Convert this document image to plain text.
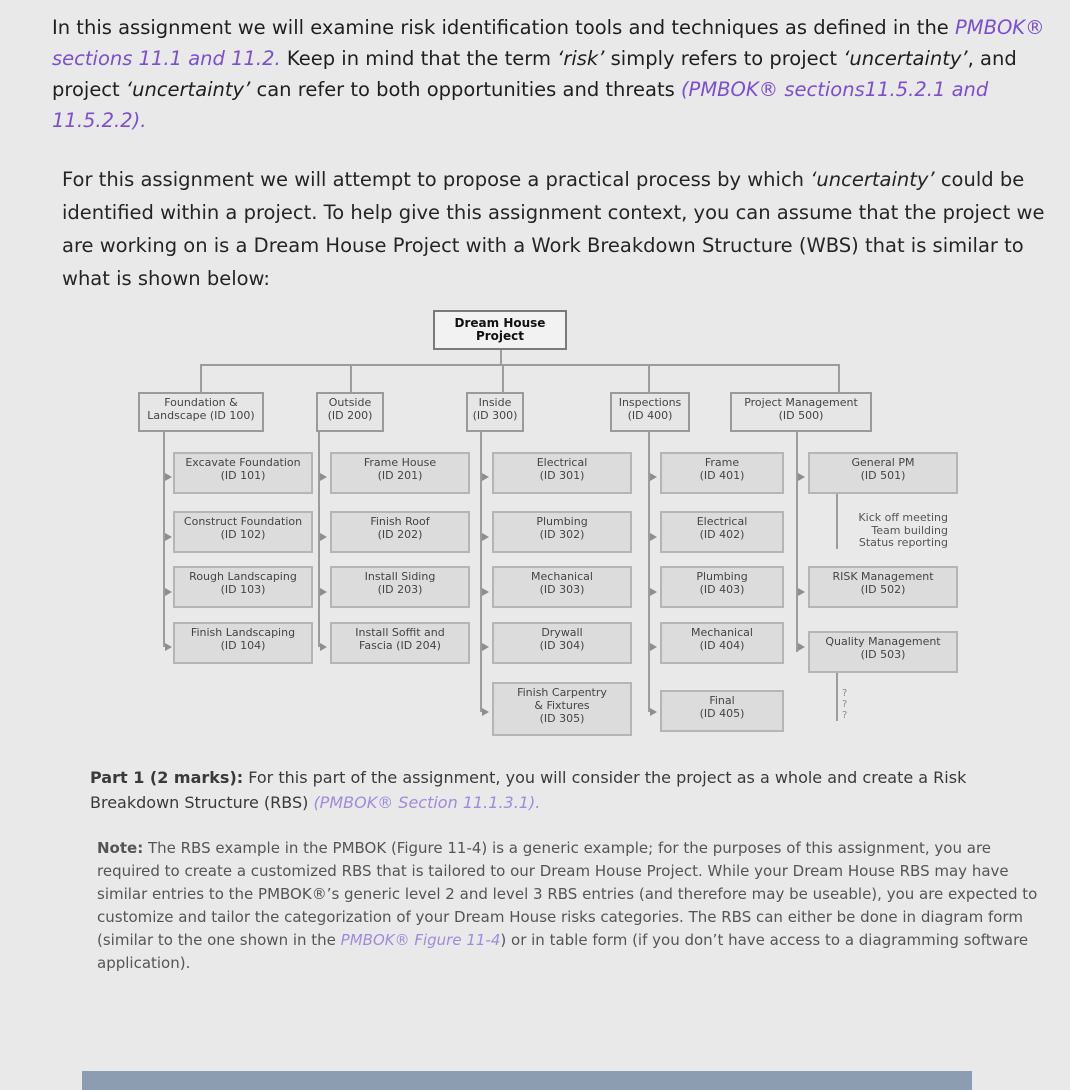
In this assignment we will examine risk identification tools and techniques as defined in the PMBOK® sections 11.1 and 11.2. Keep in mind that the term ‘risk’ simply refers to project ‘uncertainty’, and project ‘uncertainty’ can refer to both opportunities and threats (PMBOK® sections11.5.2.1 and 11.5.2.2).

For this assignment we will attempt to propose a practical process by which ‘uncertainty’ could be identified within a project. To help give this assignment context, you can assume that the project we are working on is a Dream House Project with a Work Breakdown Structure (WBS) that is similar to what is shown below:

Dream House Project
Foundation &
Landscape (ID 100)
Outside
(ID 200)
Inside
(ID 300)
Inspections
(ID 400)
Project Management
(ID 500)
Excavate Foundation
(ID 101)
Construct Foundation
(ID 102)
Rough Landscaping
(ID 103)
Finish Landscaping
(ID 104)
Frame House
(ID 201)
Finish Roof
(ID 202)
Install Siding
(ID 203)
Install Soffit and
Fascia (ID 204)
Electrical
(ID 301)
Plumbing
(ID 302)
Mechanical
(ID 303)
Drywall
(ID 304)
Finish Carpentry
& Fixtures
(ID 305)
Frame
(ID 401)
Electrical
(ID 402)
Plumbing
(ID 403)
Mechanical
(ID 404)
Final
(ID 405)
General PM
(ID 501)
Kick off meeting
Team building
Status reporting
RISK Management
(ID 502)
Quality Management
(ID 503)
?
?
?

Part 1 (2 marks): For this part of the assignment, you will consider the project as a whole and create a Risk Breakdown Structure (RBS) (PMBOK® Section 11.1.3.1).

Note: The RBS example in the PMBOK (Figure 11-4) is a generic example; for the purposes of this assignment, you are required to create a customized RBS that is tailored to our Dream House Project. While your Dream House RBS may have similar entries to the PMBOK®’s generic level 2 and level 3 RBS entries (and therefore may be useable), you are expected to customize and tailor the categorization of your Dream House risks categories. The RBS can either be done in diagram form (similar to the one shown in the PMBOK® Figure 11-4) or in table form (if you don’t have access to a diagramming software application).
